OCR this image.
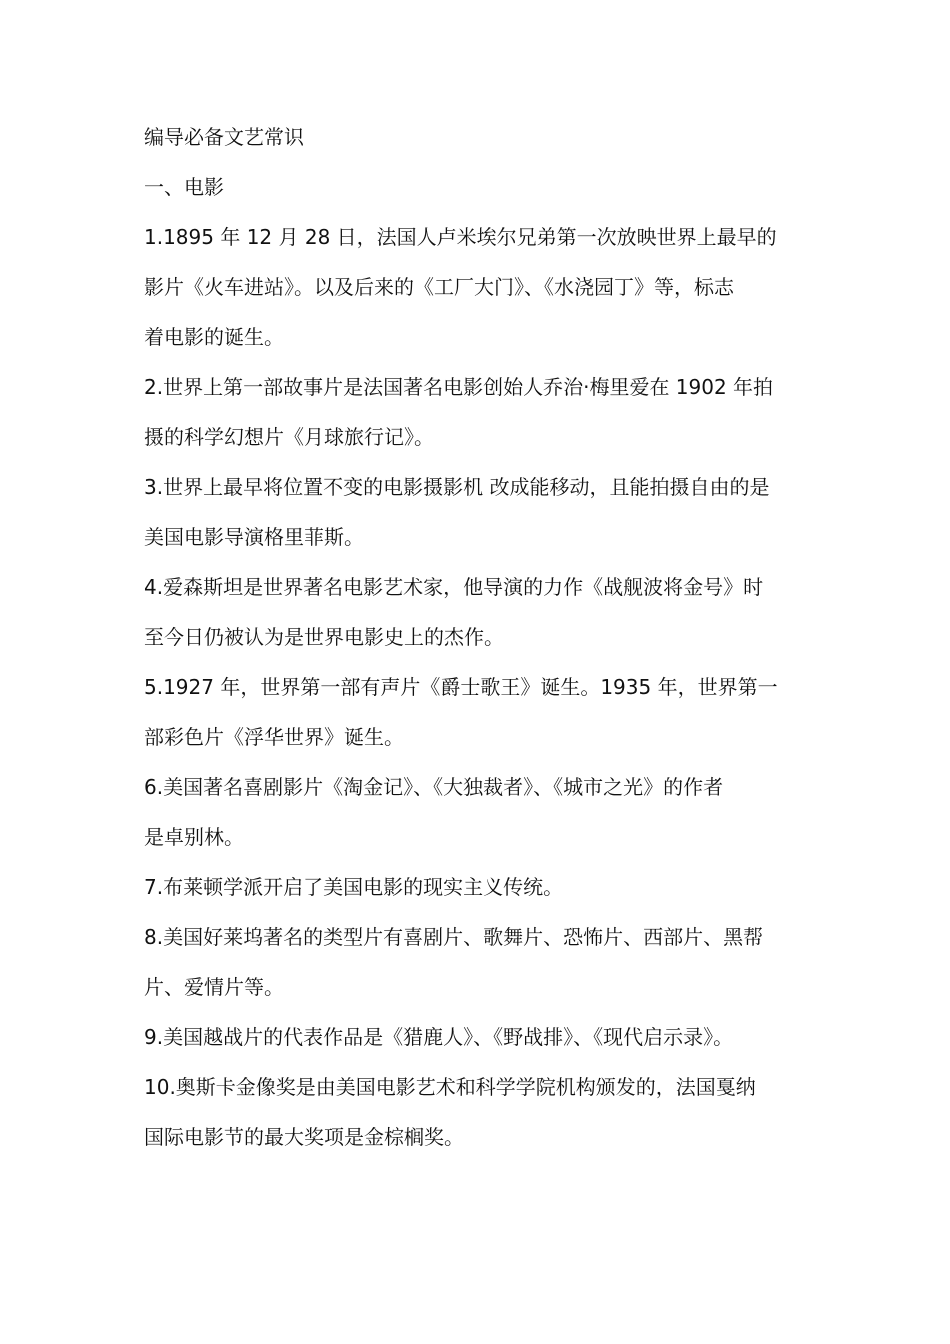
编导必备文艺常识
一、电影
1.1895 年 12 月 28 日，法国人卢米埃尔兄弟第一次放映世界上最早的
影片《火车进站》。以及后来的《工厂大门》、《水浇园丁》等，标志
着电影的诞生。
2.世界上第一部故事片是法国著名电影创始人乔治·梅里爱在 1902 年拍
摄的科学幻想片《月球旅行记》。
3.世界上最早将位置不变的电影摄影机 改成能移动，且能拍摄自由的是
美国电影导演格里菲斯。
4.爱森斯坦是世界著名电影艺术家，他导演的力作《战舰波将金号》时
至今日仍被认为是世界电影史上的杰作。
5.1927 年，世界第一部有声片《爵士歌王》诞生。1935 年，世界第一
部彩色片《浮华世界》诞生。
6.美国著名喜剧影片《淘金记》、《大独裁者》、《城市之光》的作者
是卓别林。
7.布莱顿学派开启了美国电影的现实主义传统。
8.美国好莱坞著名的类型片有喜剧片、歌舞片、恐怖片、西部片、黑帮
片、爱情片等。
9.美国越战片的代表作品是《猎鹿人》、《野战排》、《现代启示录》。
10.奥斯卡金像奖是由美国电影艺术和科学学院机构颁发的，法国戛纳
国际电影节的最大奖项是金棕榈奖。
